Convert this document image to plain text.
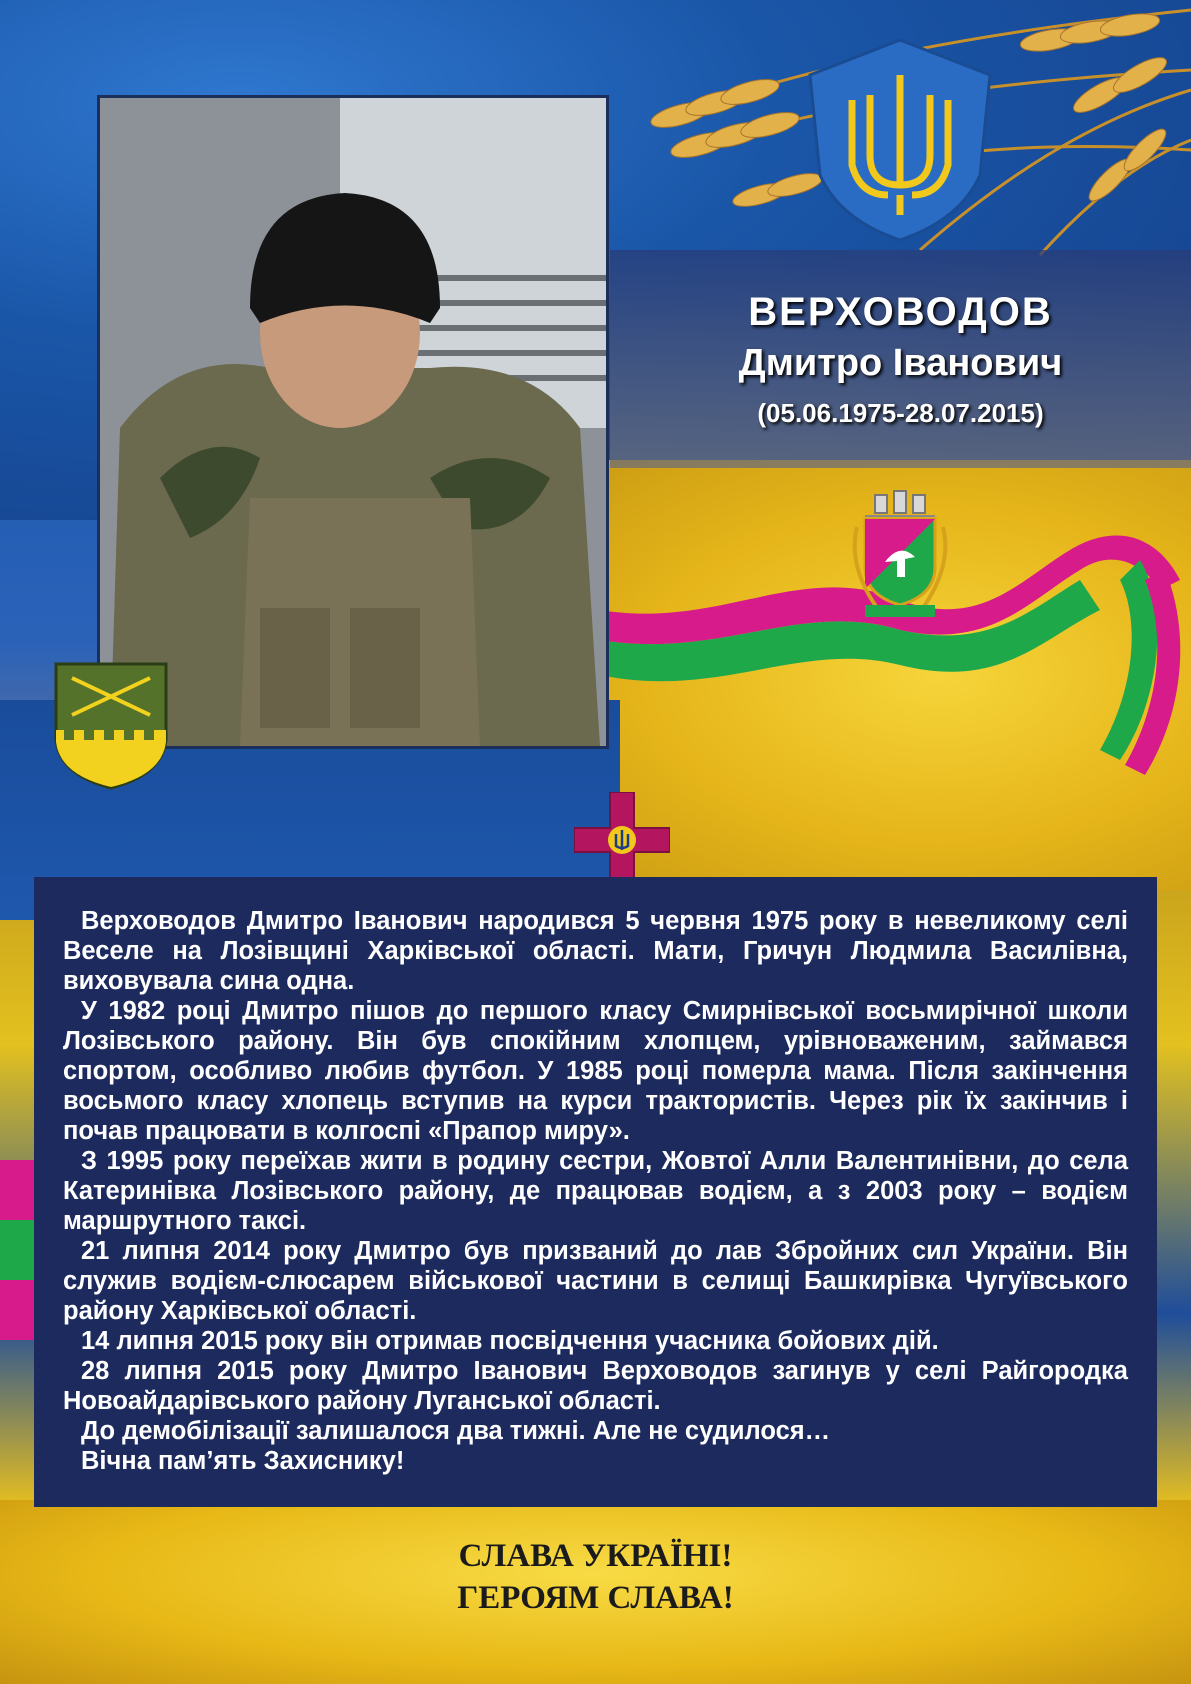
ВЕРХОВОДОВ
Дмитро Іванович
(05.06.1975-28.07.2015)

Верховодов Дмитро Іванович народився 5 червня 1975 року в невеликому селі Веселе на Лозівщині Харківської області. Мати, Гричун Людмила Василівна, виховувала сина одна.

У 1982 році Дмитро пішов до першого класу Смирнівської восьмирічної школи Лозівського району. Він був спокійним хлопцем, урівноваженим, займався спортом, особливо любив футбол. У 1985 році померла мама. Після закінчення восьмого класу хлопець вступив на курси трактористів. Через рік їх закінчив і почав працювати в колгоспі «Прапор миру».

З 1995 року переїхав жити в родину сестри, Жовтої Алли Валентинівни, до села Катеринівка Лозівського району, де працював водієм, а з 2003 року – водієм маршрутного таксі.

21 липня 2014 року Дмитро був призваний до лав Збройних сил України. Він служив водієм-слюсарем військової частини в селищі Башкирівка Чугуївського району Харківської області.

14 липня 2015 року він отримав посвідчення учасника бойових дій.

28 липня 2015 року Дмитро Іванович Верховодов загинув у селі Райгородка Новоайдарівського району Луганської області.

До демобілізації залишалося два тижні. Але не судилося…

Вічна пам’ять Захиснику!

СЛАВА УКРАЇНІ!
ГЕРОЯМ СЛАВА!
